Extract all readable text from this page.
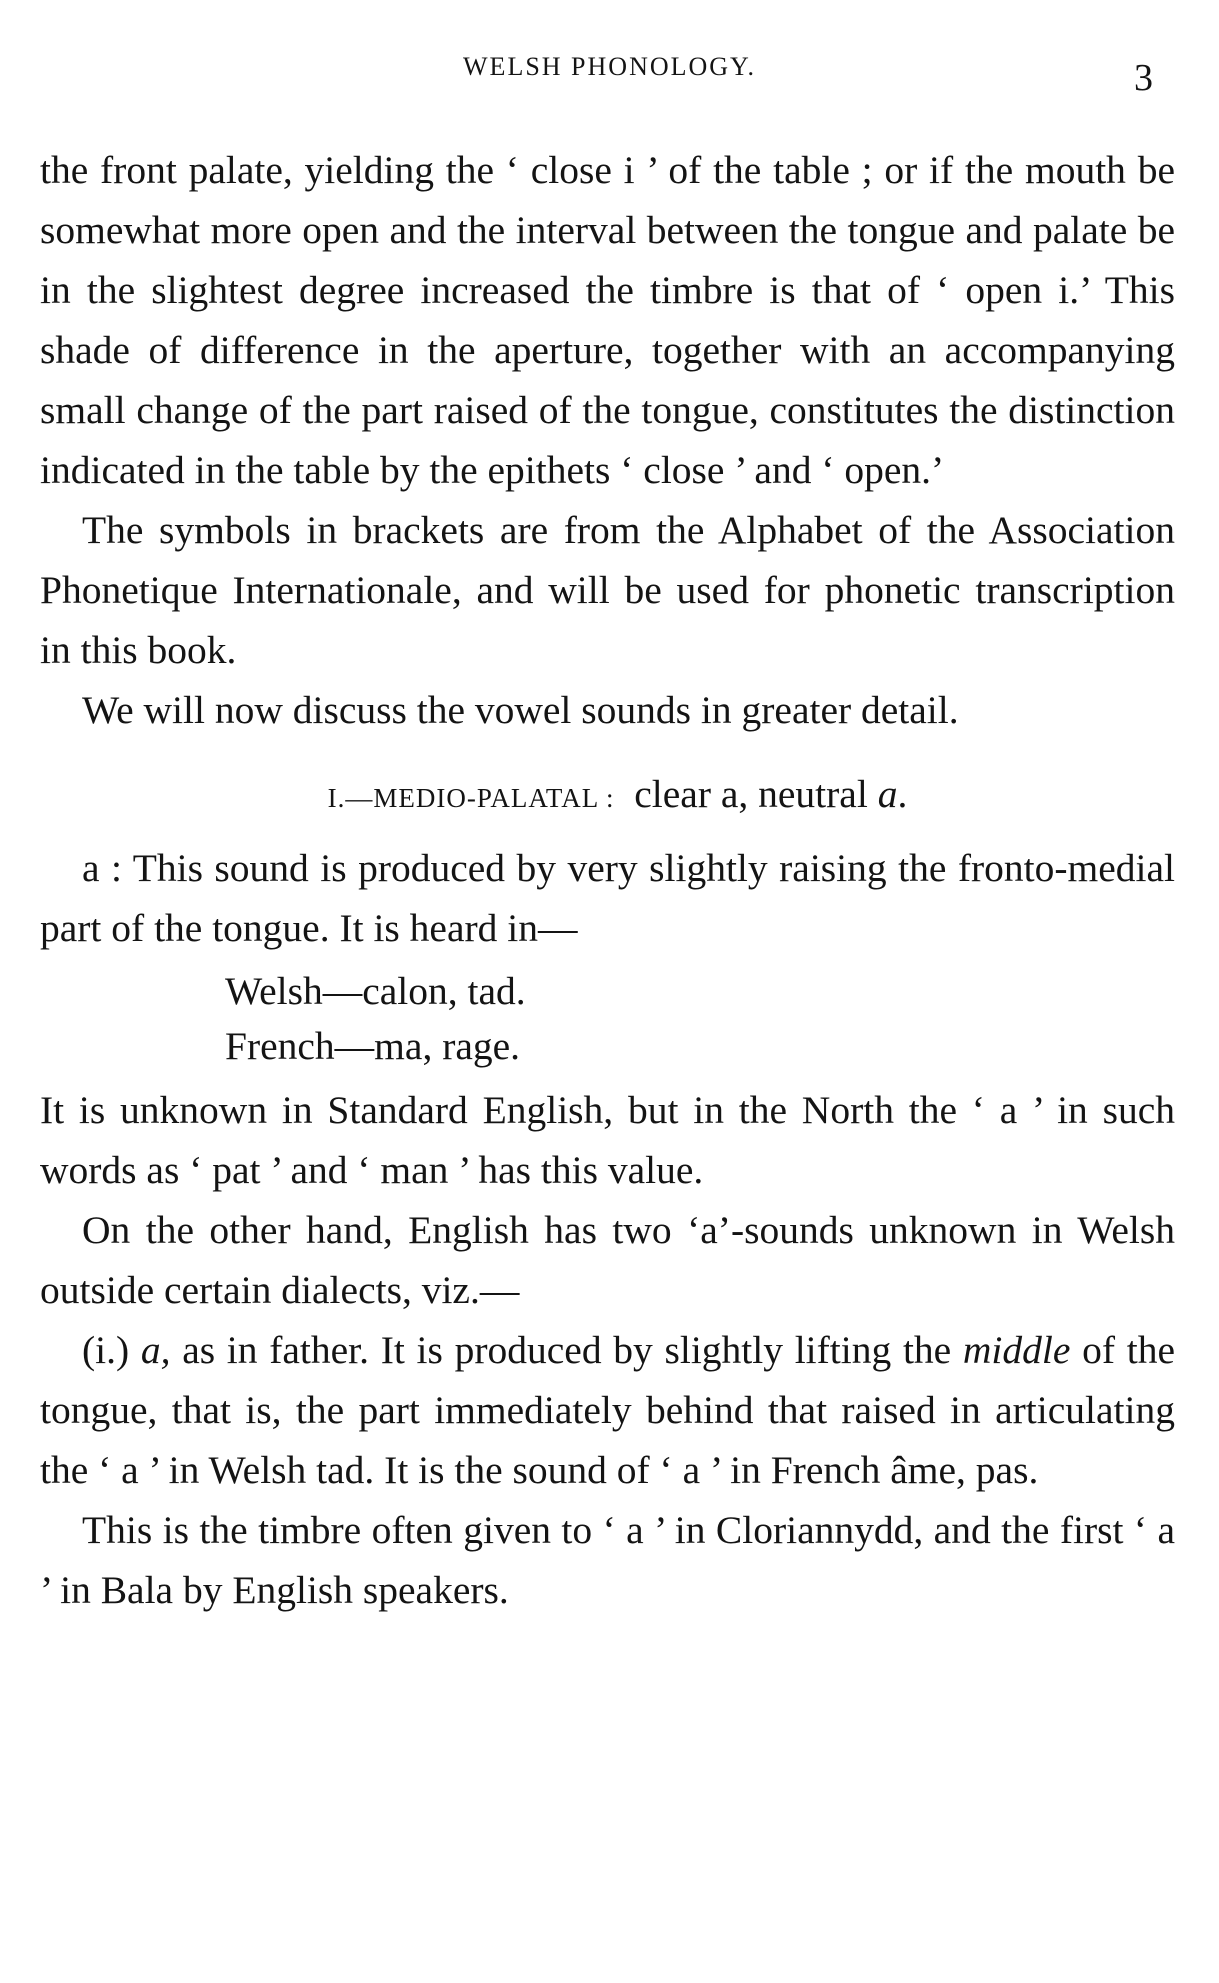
WELSH PHONOLOGY.	3

the front palate, yielding the ‘ close i ’ of the table ; or if the mouth be somewhat more open and the interval between the tongue and palate be in the slightest degree increased the timbre is that of ‘ open i.’ This shade of difference in the aperture, together with an accompanying small change of the part raised of the tongue, constitutes the distinction indicated in the table by the epithets ‘ close ’ and ‘ open.’

The symbols in brackets are from the Alphabet of the Association Phonetique Internationale, and will be used for phonetic transcription in this book.

We will now discuss the vowel sounds in greater detail.

I.—MEDIO-PALATAL : clear a, neutral a.

a : This sound is produced by very slightly raising the fronto-medial part of the tongue. It is heard in—

Welsh—calon, tad.
French—ma, rage.

It is unknown in Standard English, but in the North the ‘ a ’ in such words as ‘ pat ’ and ‘ man ’ has this value.

On the other hand, English has two ‘a’-sounds unknown in Welsh outside certain dialects, viz.—

(i.) a, as in father. It is produced by slightly lifting the middle of the tongue, that is, the part immediately behind that raised in articulating the ‘ a ’ in Welsh tad. It is the sound of ‘ a ’ in French âme, pas.

This is the timbre often given to ‘ a ’ in Cloriannydd, and the first ‘ a ’ in Bala by English speakers.
